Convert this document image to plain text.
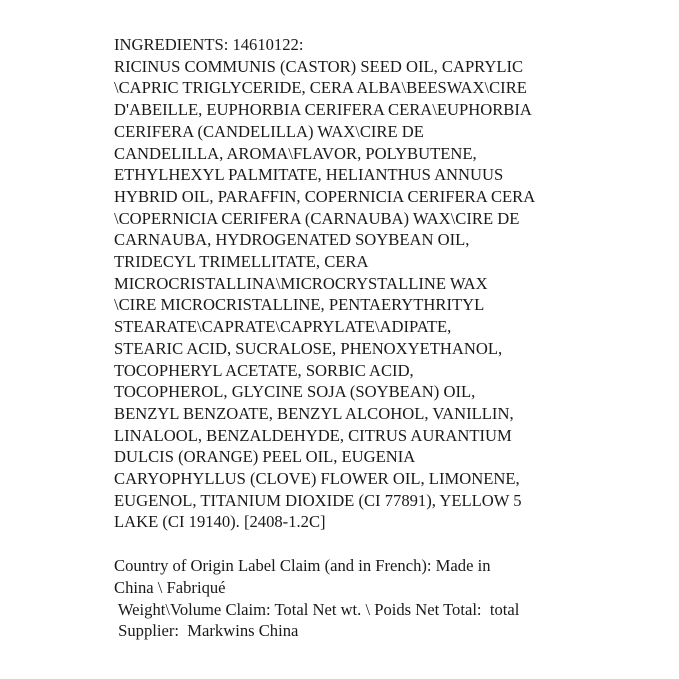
INGREDIENTS: 14610122:
RICINUS COMMUNIS (CASTOR) SEED OIL, CAPRYLIC
\CAPRIC TRIGLYCERIDE, CERA ALBA\BEESWAX\CIRE
D'ABEILLE, EUPHORBIA CERIFERA CERA\EUPHORBIA
CERIFERA (CANDELILLA) WAX\CIRE DE
CANDELILLA, AROMA\FLAVOR, POLYBUTENE,
ETHYLHEXYL PALMITATE, HELIANTHUS ANNUUS
HYBRID OIL, PARAFFIN, COPERNICIA CERIFERA CERA
\COPERNICIA CERIFERA (CARNAUBA) WAX\CIRE DE
CARNAUBA, HYDROGENATED SOYBEAN OIL,
TRIDECYL TRIMELLITATE, CERA
MICROCRISTALLINA\MICROCRYSTALLINE WAX
\CIRE MICROCRISTALLINE, PENTAERYTHRITYL
STEARATE\CAPRATE\CAPRYLATE\ADIPATE,
STEARIC ACID, SUCRALOSE, PHENOXYETHANOL,
TOCOPHERYL ACETATE, SORBIC ACID,
TOCOPHEROL, GLYCINE SOJA (SOYBEAN) OIL,
BENZYL BENZOATE, BENZYL ALCOHOL, VANILLIN,
LINALOOL, BENZALDEHYDE, CITRUS AURANTIUM
DULCIS (ORANGE) PEEL OIL, EUGENIA
CARYOPHYLLUS (CLOVE) FLOWER OIL, LIMONENE,
EUGENOL, TITANIUM DIOXIDE (CI 77891), YELLOW 5
LAKE (CI 19140). [2408-1.2C]
Country of Origin Label Claim (and in French): Made in
China \ Fabriqué
Weight\Volume Claim: Total Net wt. \ Poids Net Total:  total
Supplier:  Markwins China
